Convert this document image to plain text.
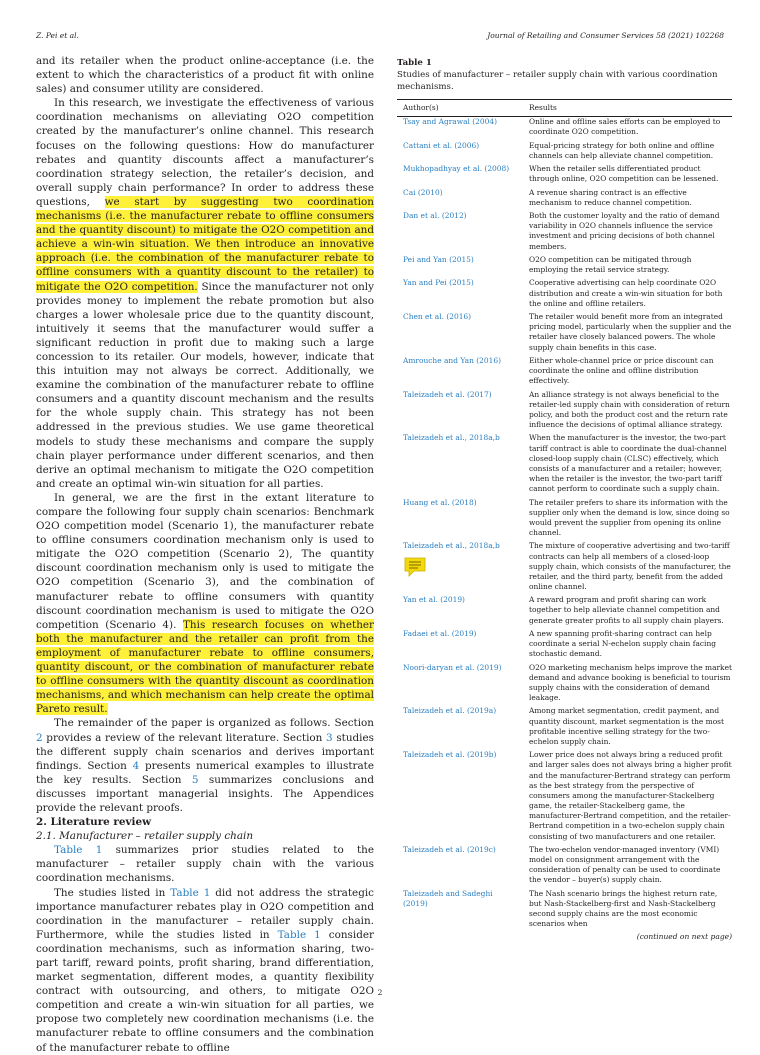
Z. Pei et al.	Journal of Retailing and Consumer Services 58 (2021) 102268

and its retailer when the product online-acceptance (i.e. the extent to which the characteristics of a product fit with online sales) and consumer utility are considered.

In this research, we investigate the effectiveness of various coordination mechanisms on alleviating O2O competition created by the manufacturer’s online channel. This research focuses on the following questions: How do manufacturer rebates and quantity discounts affect a manufacturer’s coordination strategy selection, the retailer’s decision, and overall supply chain performance? In order to address these questions, we start by suggesting two coordination mechanisms (i.e. the manufacturer rebate to offline consumers and the quantity discount) to mitigate the O2O competition and achieve a win-win situation. We then introduce an innovative approach (i.e. the combination of the manufacturer rebate to offline consumers with a quantity discount to the retailer) to mitigate the O2O competition. Since the manufacturer not only provides money to implement the rebate promotion but also charges a lower wholesale price due to the quantity discount, intuitively it seems that the manufacturer would suffer a significant reduction in profit due to making such a large concession to its retailer. Our models, however, indicate that this intuition may not always be correct. Additionally, we examine the combination of the manufacturer rebate to offline consumers and a quantity discount mechanism and the results for the whole supply chain. This strategy has not been addressed in the previous studies. We use game theoretical models to study these mechanisms and compare the supply chain player performance under different scenarios, and then derive an optimal mechanism to mitigate the O2O competition and create an optimal win-win situation for all parties.

In general, we are the first in the extant literature to compare the following four supply chain scenarios: Benchmark O2O competition model (Scenario 1), the manufacturer rebate to offline consumers coordination mechanism only is used to mitigate the O2O competition (Scenario 2), The quantity discount coordination mechanism only is used to mitigate the O2O competition (Scenario 3), and the combination of manufacturer rebate to offline consumers with quantity discount coordination mechanism is used to mitigate the O2O competition (Scenario 4). This research focuses on whether both the manufacturer and the retailer can profit from the employment of manufacturer rebate to offline consumers, quantity discount, or the combination of manufacturer rebate to offline consumers with the quantity discount as coordination mechanisms, and which mechanism can help create the optimal Pareto result.

The remainder of the paper is organized as follows. Section 2 provides a review of the relevant literature. Section 3 studies the different supply chain scenarios and derives important findings. Section 4 presents numerical examples to illustrate the key results. Section 5 summarizes conclusions and discusses important managerial insights. The Appendices provide the relevant proofs.

2. Literature review

2.1. Manufacturer – retailer supply chain

Table 1 summarizes prior studies related to the manufacturer – retailer supply chain with the various coordination mechanisms.

The studies listed in Table 1 did not address the strategic importance manufacturer rebates play in O2O competition and coordination in the manufacturer – retailer supply chain. Furthermore, while the studies listed in Table 1 consider coordination mechanisms, such as information sharing, two-part tariff, reward points, profit sharing, brand differentiation, market segmentation, different modes, a quantity flexibility contract with outsourcing, and others, to mitigate O2O competition and create a win-win situation for all parties, we propose two completely new coordination mechanisms (i.e. the manufacturer rebate to offline consumers and the combination of the manufacturer rebate to offline

Table 1
Studies of manufacturer – retailer supply chain with various coordination mechanisms.
Author(s)	Results

Tsay and Agrawal (2004)	Online and offline sales efforts can be employed to coordinate O2O competition.

Cattani et al. (2006)	Equal-pricing strategy for both online and offline channels can help alleviate channel competition.

Mukhopadhyay et al. (2008)	When the retailer sells differentiated product through online, O2O competition can be lessened.

Cai (2010)	A revenue sharing contract is an effective mechanism to reduce channel competition.

Dan et al. (2012)	Both the customer loyalty and the ratio of demand variability in O2O channels influence the service investment and pricing decisions of both channel members.

Pei and Yan (2015)	O2O competition can be mitigated through employing the retail service strategy.

Yan and Pei (2015)	Cooperative advertising can help coordinate O2O distribution and create a win-win situation for both the online and offline retailers.

Chen et al. (2016)	The retailer would benefit more from an integrated pricing model, particularly when the supplier and the retailer have closely balanced powers. The whole supply chain benefits in this case.

Amrouche and Yan (2016)	Either whole-channel price or price discount can coordinate the online and offline distribution effectively.

Taleizadeh et al. (2017)	An alliance strategy is not always beneficial to the retailer-led supply chain with consideration of return policy, and both the product cost and the return rate influence the decisions of optimal alliance strategy.

Taleizadeh et al., 2018a,b	When the manufacturer is the investor, the two-part tariff contract is able to coordinate the dual-channel closed-loop supply chain (CLSC) effectively, which consists of a manufacturer and a retailer; however, when the retailer is the investor, the two-part tariff cannot perform to coordinate such a supply chain.

Huang et al. (2018)	The retailer prefers to share its information with the supplier only when the demand is low, since doing so would prevent the supplier from opening its online channel.

Taleizadeh et al., 2018a,b	The mixture of cooperative advertising and two-tariff contracts can help all members of a closed-loop supply chain, which consists of the manufacturer, the retailer, and the third party, benefit from the added online channel.

Yan et al. (2019)	A reward program and profit sharing can work together to help alleviate channel competition and generate greater profits to all supply chain players.

Fadaei et al. (2019)	A new spanning profit-sharing contract can help coordinate a serial N-echelon supply chain facing stochastic demand.

Noori-daryan et al. (2019)	O2O marketing mechanism helps improve the market demand and advance booking is beneficial to tourism supply chains with the consideration of demand leakage.

Taleizadeh et al. (2019a)	Among market segmentation, credit payment, and quantity discount, market segmentation is the most profitable incentive selling strategy for the two-echelon supply chain.

Taleizadeh et al. (2019b)	Lower price does not always bring a reduced profit and larger sales does not always bring a higher profit and the manufacturer-Bertrand strategy can perform as the best strategy from the perspective of consumers among the manufacturer-Stackelberg game, the retailer-Stackelberg game, the manufacturer-Bertrand competition, and the retailer-Bertrand competition in a two-echelon supply chain consisting of two manufacturers and one retailer.

Taleizadeh et al. (2019c)	The two-echelon vendor-managed inventory (VMI) model on consignment arrangement with the consideration of penalty can be used to coordinate the vendor – buyer(s) supply chain.

Taleizadeh and Sadeghi (2019)	The Nash scenario brings the highest return rate, but Nash-Stackelberg-first and Nash-Stackelberg second supply chains are the most economic scenarios when
(continued on next page)
2
